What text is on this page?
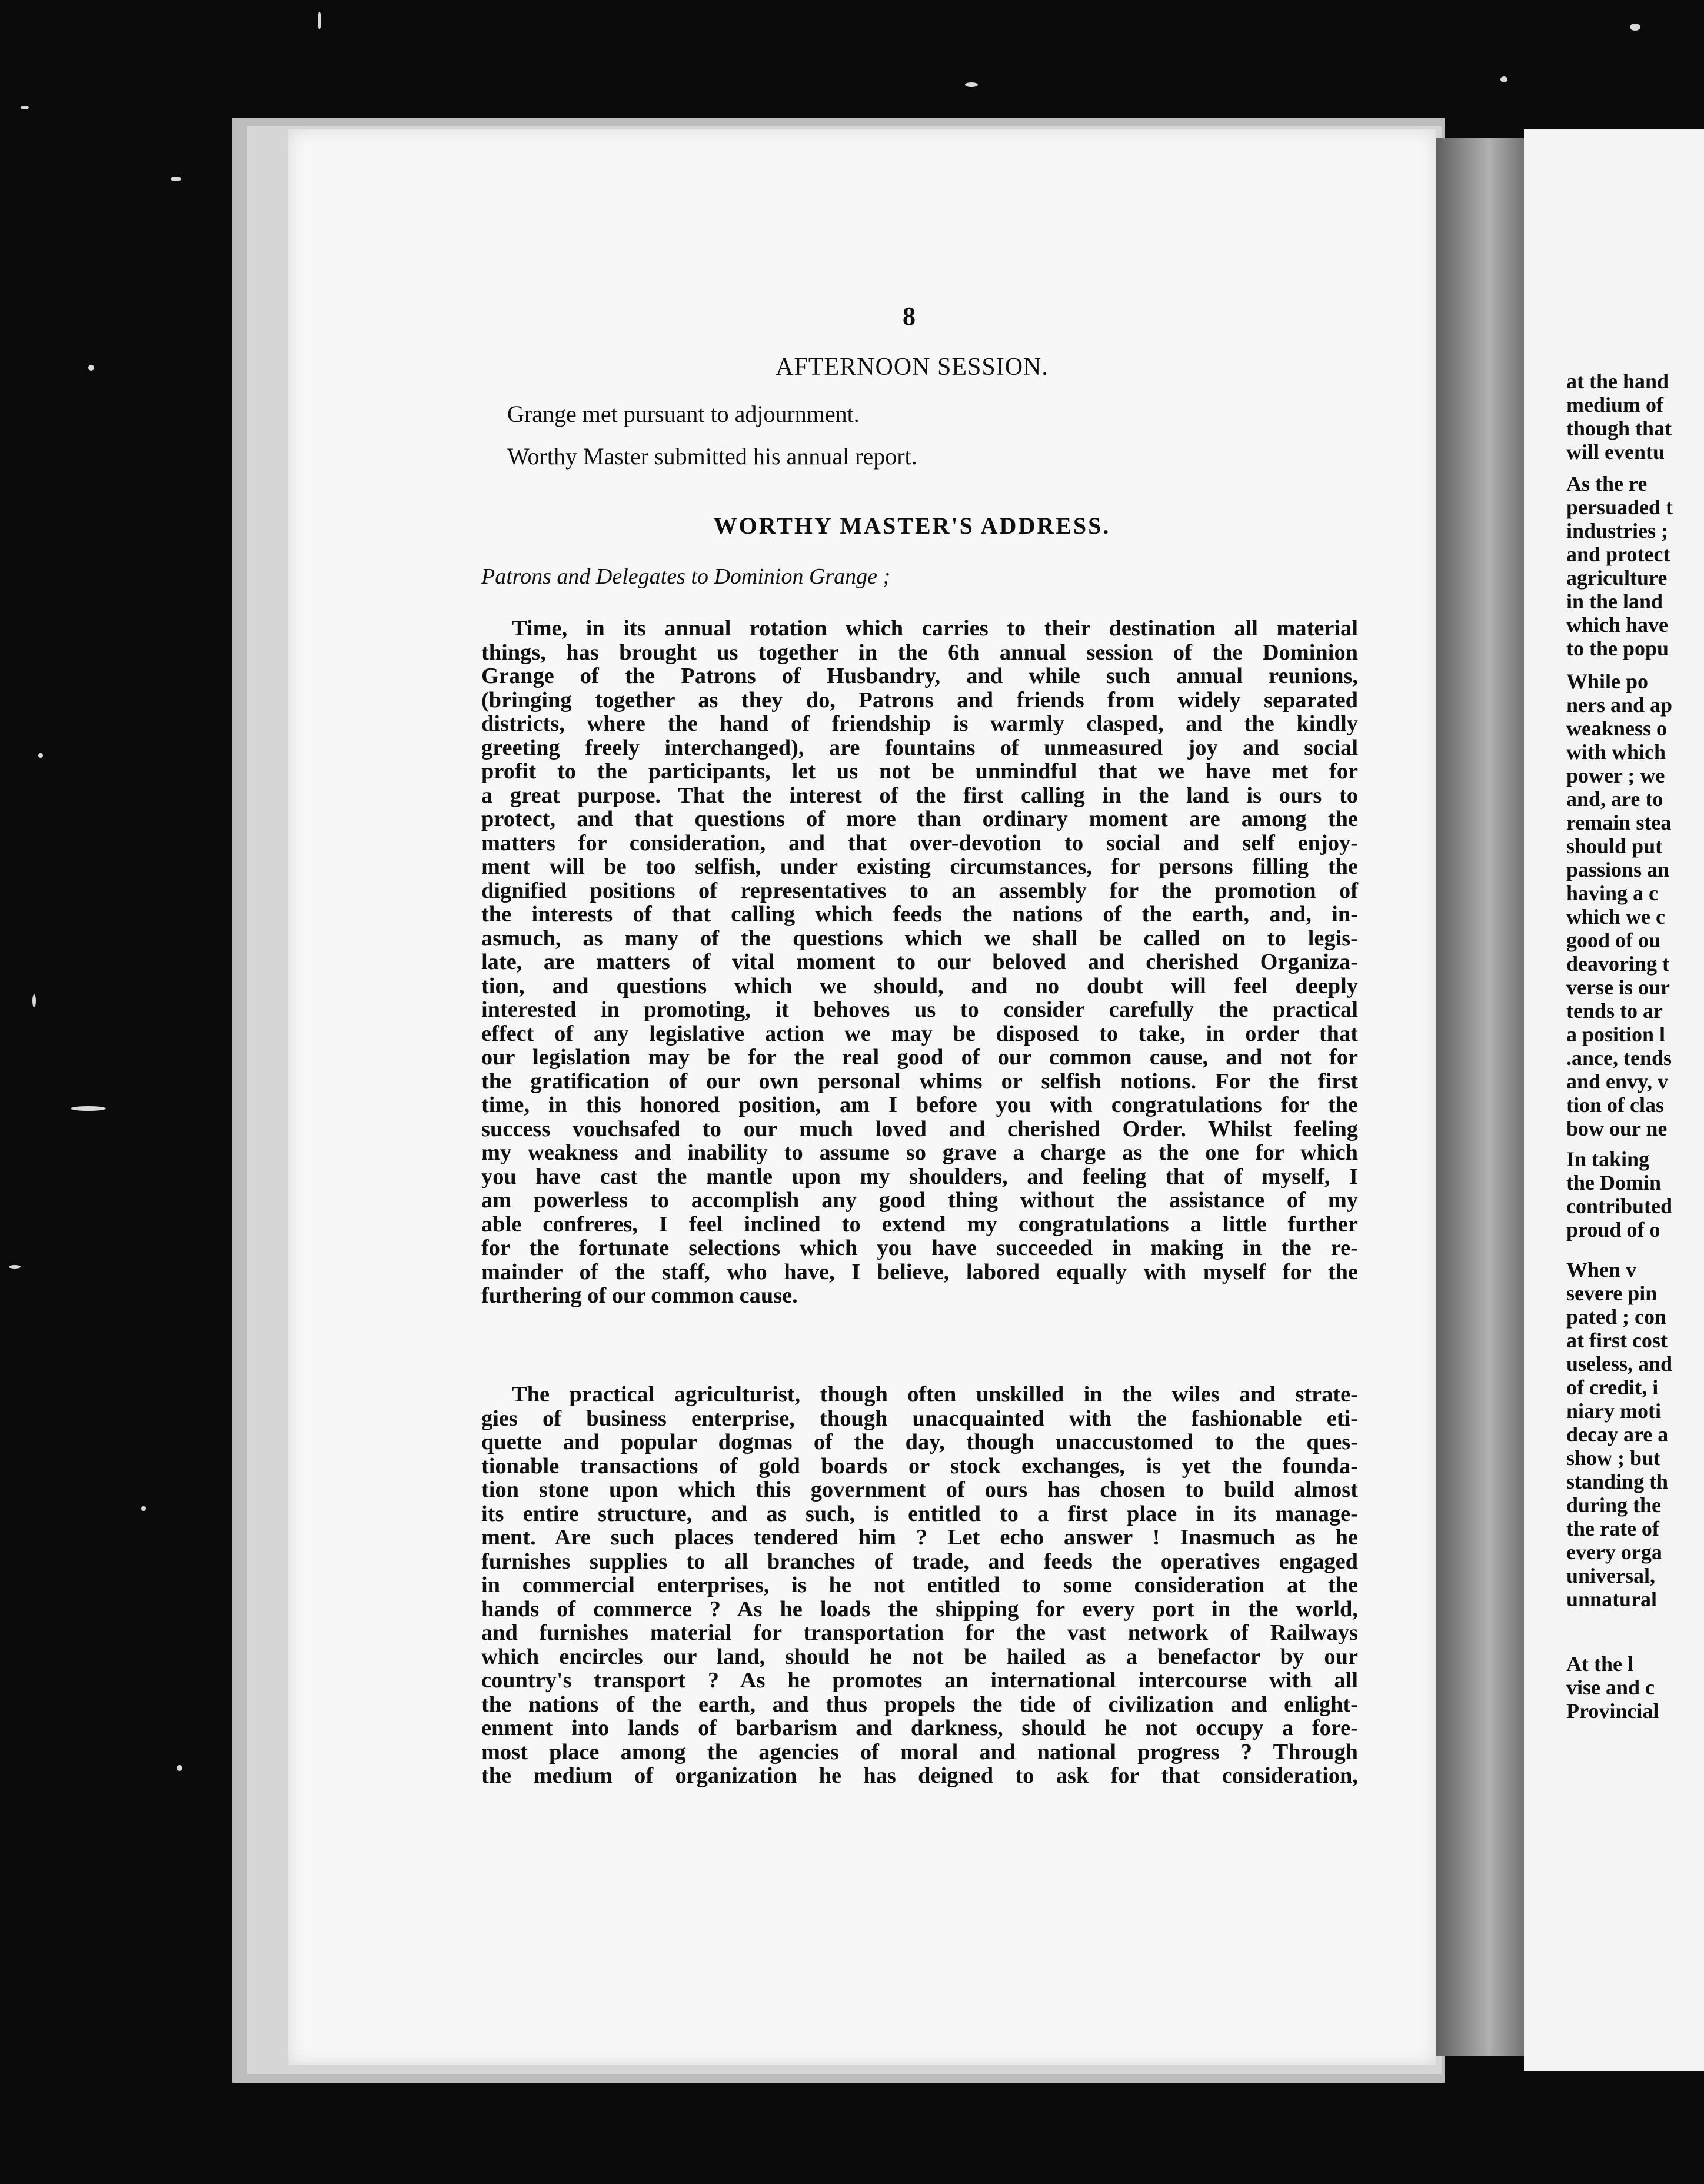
8
AFTERNOON SESSION.
Grange met pursuant to adjournment.
Worthy Master submitted his annual report.
WORTHY MASTER'S ADDRESS.
Patrons and Delegates to Dominion Grange ;
Time, in its annual rotation which carries to their destination all material
things, has brought us together in the 6th annual session of the Dominion
Grange of the Patrons of Husbandry, and while such annual reunions,
(bringing together as they do, Patrons and friends from widely separated
districts, where the hand of friendship is warmly clasped, and the kindly
greeting freely interchanged), are fountains of unmeasured joy and social
profit to the participants, let us not be unmindful that we have met for
a great purpose. That the interest of the first calling in the land is ours to
protect, and that questions of more than ordinary moment are among the
matters for consideration, and that over-devotion to social and self enjoy-
ment will be too selfish, under existing circumstances, for persons filling the
dignified positions of representatives to an assembly for the promotion of
the interests of that calling which feeds the nations of the earth, and, in-
asmuch, as many of the questions which we shall be called on to legis-
late, are matters of vital moment to our beloved and cherished Organiza-
tion, and questions which we should, and no doubt will feel deeply
interested in promoting, it behoves us to consider carefully the practical
effect of any legislative action we may be disposed to take, in order that
our legislation may be for the real good of our common cause, and not for
the gratification of our own personal whims or selfish notions. For the first
time, in this honored position, am I before you with congratulations for the
success vouchsafed to our much loved and cherished Order. Whilst feeling
my weakness and inability to assume so grave a charge as the one for which
you have cast the mantle upon my shoulders, and feeling that of myself, I
am powerless to accomplish any good thing without the assistance of my
able confreres, I feel inclined to extend my congratulations a little further
for the fortunate selections which you have succeeded in making in the re-
mainder of the staff, who have, I believe, labored equally with myself for the
furthering of our common cause.
The practical agriculturist, though often unskilled in the wiles and strate-
gies of business enterprise, though unacquainted with the fashionable eti-
quette and popular dogmas of the day, though unaccustomed to the ques-
tionable transactions of gold boards or stock exchanges, is yet the founda-
tion stone upon which this government of ours has chosen to build almost
its entire structure, and as such, is entitled to a first place in its manage-
ment. Are such places tendered him ? Let echo answer ! Inasmuch as he
furnishes supplies to all branches of trade, and feeds the operatives engaged
in commercial enterprises, is he not entitled to some consideration at the
hands of commerce ? As he loads the shipping for every port in the world,
and furnishes material for transportation for the vast network of Railways
which encircles our land, should he not be hailed as a benefactor by our
country's transport ? As he promotes an international intercourse with all
the nations of the earth, and thus propels the tide of civilization and enlight-
enment into lands of barbarism and darkness, should he not occupy a fore-
most place among the agencies of moral and national progress ? Through
the medium of organization he has deigned to ask for that consideration,
at the hand
medium of
though that
will eventu
As the re
persuaded t
industries ;
and protect
agriculture
in the land
which have
to the popu
While po
ners and ap
weakness o
with which
power ; we
and, are to
remain stea
should put
passions an
having a c
which we c
good of ou
deavoring t
verse is our
tends to ar
a position l
.ance, tends
and envy, v
tion of clas
bow our ne
In taking
the Domin
contributed
proud of o
When v
severe pin
pated ; con
at first cost
useless, and
of credit, i
niary moti
decay are a
show ; but
standing th
during the
the rate of
every orga
universal,
unnatural
At the l
vise and c
Provincial
